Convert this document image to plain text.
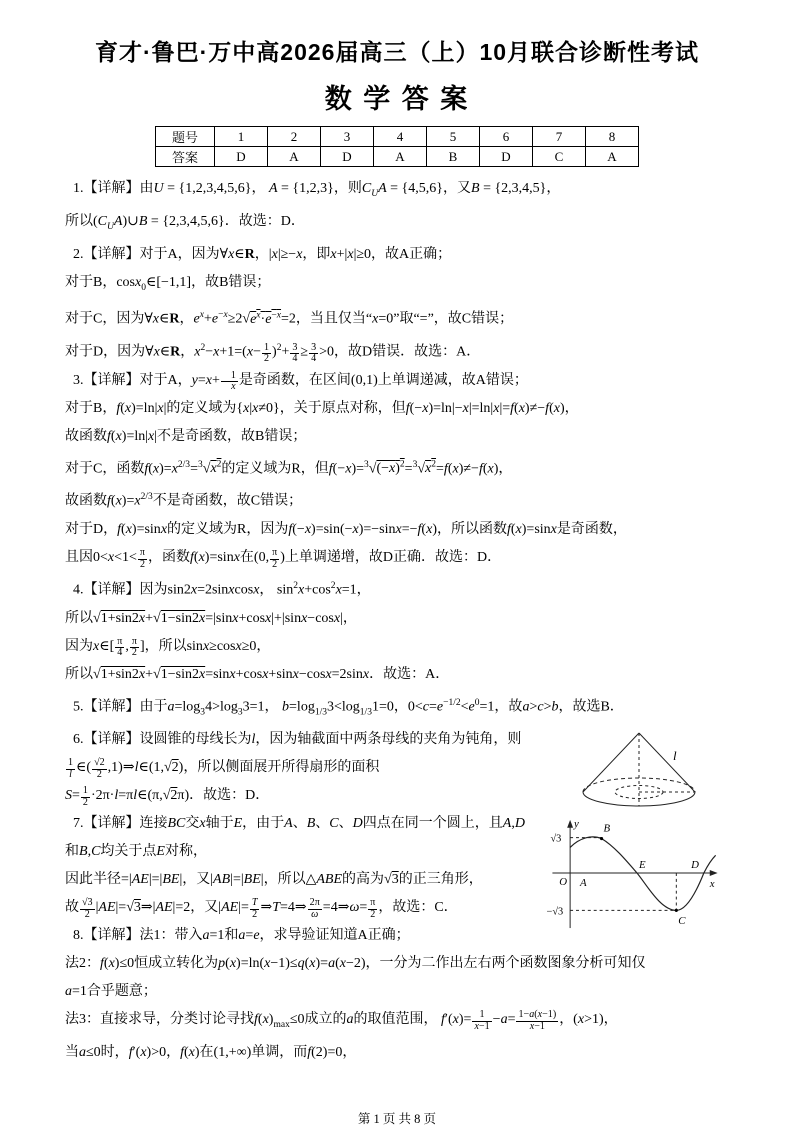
育才·鲁巴·万中高2026届高三（上）10月联合诊断性考试
数 学 答 案
题号	1	2	3	4	5	6	7	8
答案	D	A	D	A	B	D	C	A

1.【详解】由U = {1,2,3,4,5,6}， A = {1,2,3}，则$C_UA = \{4,5,6\}$，又B = {2,3,4,5}，

所以$(C_UA)\cup B = \{2,3,4,5,6\}$．故选：D．

2.【详解】对于A，因为∀x∈R，|x|≥−x，即x+|x|≥0，故A正确；

对于B，cosx$_0$∈[−1,1]，故B错误；

对于C，因为∀x∈R，$e^x+e^{-x}\ge 2√e^x\cdot e^{-x}=2$，当且仅当“x=0”取“=”，故C错误；

对于D，因为∀x∈R，$x^2-x+1=(x- \frac{1}{2} )^2+ \frac{3}{4} \ge \frac{3}{4} >0$，故D错误．故选：A．

3.【详解】对于A，$y=x+ \frac{1}{x}$ 是奇函数，在区间(0,1)上单调递减，故A错误；

对于B，f(x)=ln|x|的定义域为{x|x≠0}，关于原点对称，但f(−x)=ln|−x|=ln|x|=f(x)≠−f(x)，

故函数f(x)=ln|x|不是奇函数，故B错误；

对于C，函数$f(x)=x^{2/3}=^3√x^2$的定义域为R，但$f(-x)=^3√(-x)^2=^3√x^2=f(x)\ne-f(x)$，

故函数$f(x)=x^{2/3}$不是奇函数，故C错误；

对于D，f(x)=sinx的定义域为R，因为f(−x)=sin(−x)=−sinx=−f(x)，所以函数f(x)=sinx是奇函数，

且因$0<x<1< \frac{\pi}{2}$ ，函数f(x)=sinx在(0, $\frac{\pi}{2}$ )上单调递增，故D正确．故选：D．

4.【详解】因为sin2x=2sinxcosx， $\sin^2x+\cos^2x=1$，

所以√1+sin2x+√1−sin2x=|sinx+cosx|+|sinx−cosx|，

因为x∈[ $\frac{\pi}{4}$ , $\frac{\pi}{2}$ ]，所以sinx≥cosx≥0，

所以√1+sin2x+√1−sin2x=sinx+cosx+sinx−cosx=2sinx．故选：A．

5.【详解】由于$a=\log_34>\log_33=1$， $b=\log_{1/3}3<\log_{1/3}1=0$，$0<c=e^{-1/2}<e^0=1$，故a>c>b，故选B．

l
y
x
O A
B
E	D
C
√3
−√3

6.【详解】设圆锥的母线长为l，因为轴截面中两条母线的夹角为钝角，则

$\frac{1}{l}$ ∈( $\frac{√2}{2}$ ,1)⇒l∈(1,√2)，所以侧面展开所得扇形的面积

$S= \frac{1}{2}$ ·2π·l=πl∈(π,√2π)．故选：D．

7.【详解】连接BC交x轴于E，由于A、B、C、D四点在同一个圆上，且A,D

和B,C均关于点E对称，

因此半径=|AE|=|BE|，又|AB|=|BE|，所以△ABE的高为√3的正三角形，

故 $\frac{√3}{2}$ |AE|=√3⇒|AE|=2，又$|AE|= \frac{T}{2}$ ⇒T=4⇒ $\frac{2\pi}{\omega}$ =4⇒ω= $\frac{\pi}{2}$ ，故选：C．

8.【详解】法1：带入a=1和a=e，求导验证知道A正确；

法2：f(x)≤0恒成立转化为p(x)=ln(x−1)≤q(x)=a(x−2)，一分为二作出左右两个函数图象分析可知仅

a=1合乎题意；

法3：直接求导，分类讨论寻找$f(x)_{max}\le 0$成立的a的取值范围， $f'(x)= \frac{1}{x-1} -a= \frac{1-a(x-1)}{x-1}$ ，(x>1)，

当a≤0时，f′(x)>0，f(x)在(1,+∞)单调，而f(2)=0，

第 1 页 共 8 页
